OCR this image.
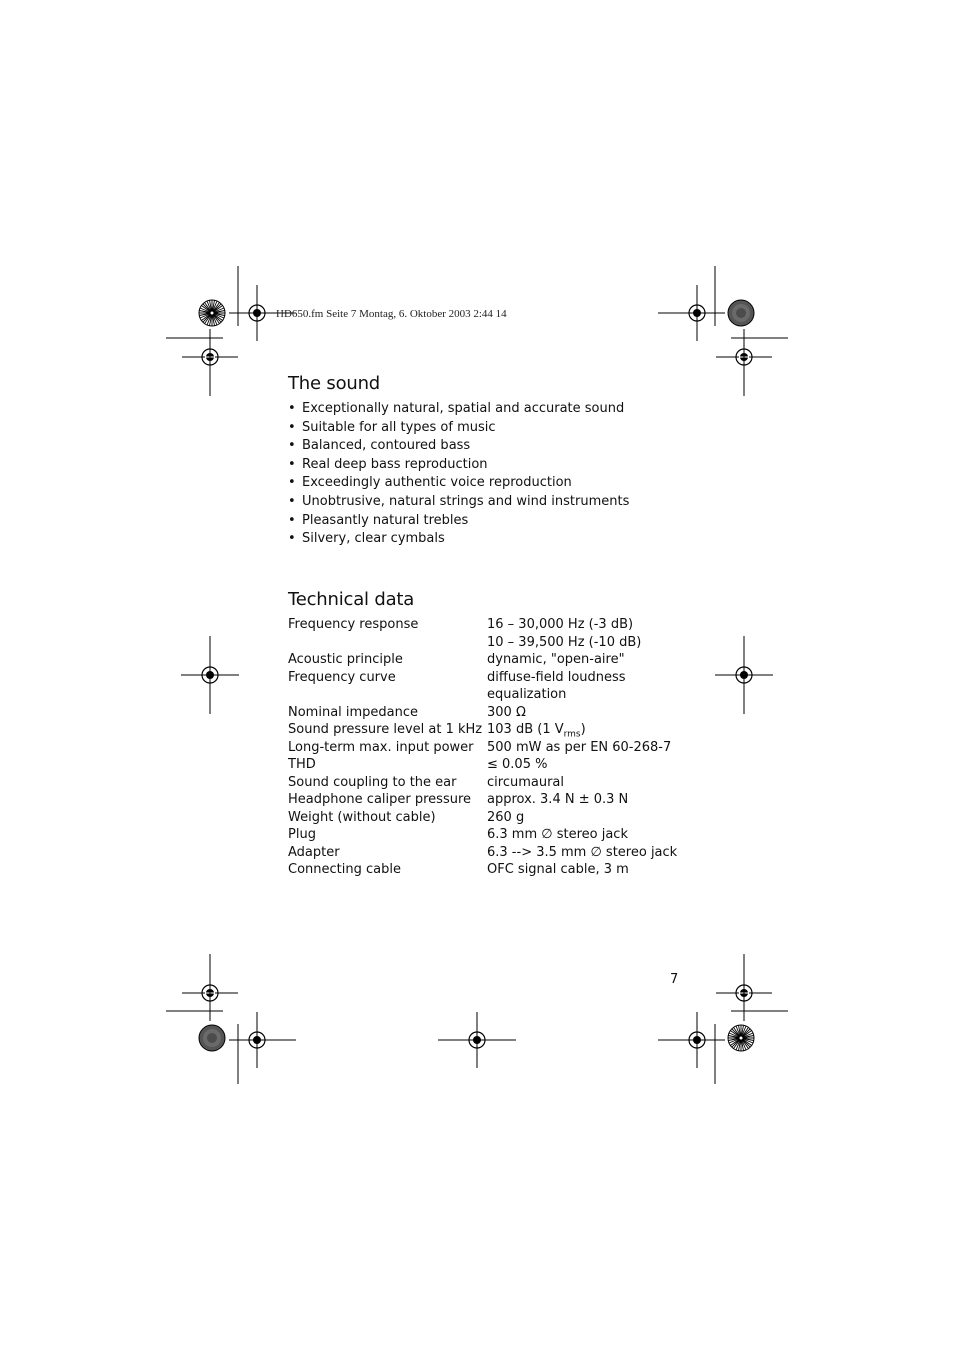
HD650.fm Seite 7 Montag, 6. Oktober 2003 2:44 14
The sound
• Exceptionally natural, spatial and accurate sound
• Suitable for all types of music
• Balanced, contoured bass
• Real deep bass reproduction
• Exceedingly authentic voice reproduction
• Unobtrusive, natural strings and wind instruments
• Pleasantly natural trebles
• Silvery, clear cymbals
Technical data
Frequency response	16 – 30,000 Hz (-3 dB)
10 – 39,500 Hz (-10 dB)
Acoustic principle	dynamic, "open-aire"
Frequency curve	diffuse-field loudness
equalization
Nominal impedance	300 Ω
Sound pressure level at 1 kHz 103 dB (1 $V_{rms}$)
Long-term max. input power	500 mW as per EN 60-268-7
THD	≤ 0.05 %
Sound coupling to the ear	circumaural
Headphone caliper pressure	approx. 3.4 N ± 0.3 N
Weight (without cable)	260 g
Plug	6.3 mm ∅ stereo jack
Adapter	6.3 --> 3.5 mm ∅ stereo jack
Connecting cable	OFC signal cable, 3 m
7
